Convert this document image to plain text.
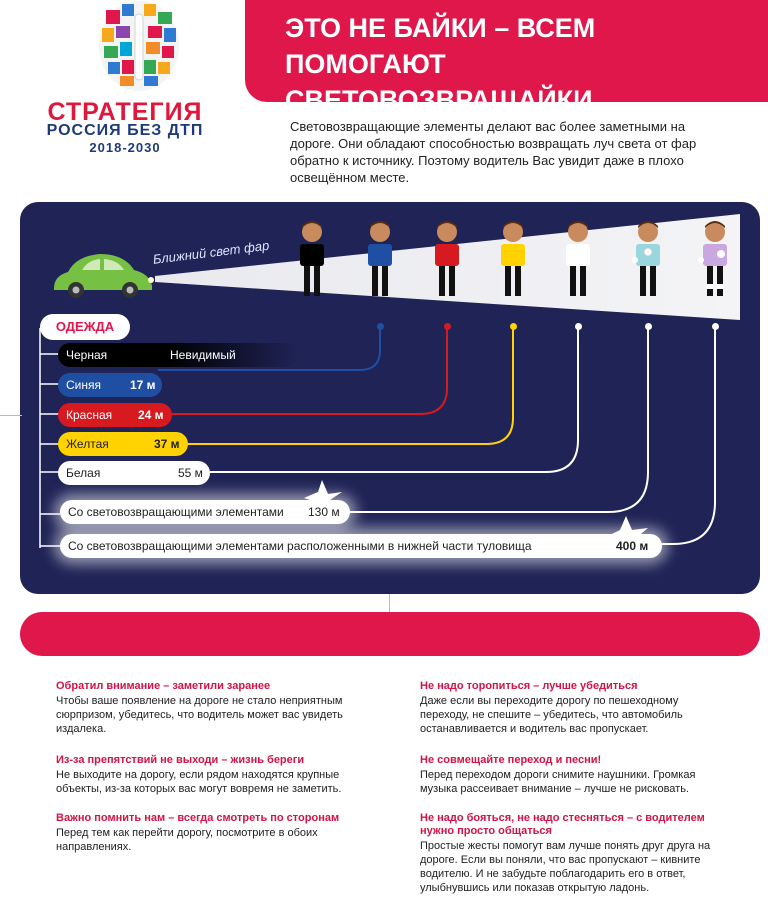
СТРАТЕГИЯ
РОССИЯ БЕЗ ДТП
2018-2030
ЭТО НЕ БАЙКИ – ВСЕМ ПОМОГАЮТ СВЕТОВОЗВРАЩАЙКИ
Световозвращающие элементы делают вас более заметными на дороге. Они обладают способностью возвращать луч света от фар обратно к источнику. Поэтому водитель Вас увидит даже в плохо освещённом месте.
Ближний свет фар
ОДЕЖДА
Черная	Невидимый
Синяя 17 м
Красная 24 м
Желтая	37 м
Белая	55 м
Со световозвращающими элементами 130 м
Со световозвращающими элементами расположенными в нижней части туловища	400 м
Обратил внимание – заметили заранее
Чтобы ваше появление на дороге не стало неприятным сюрпризом, убедитесь, что водитель может вас увидеть издалека.
Из-за препятствий не выходи – жизнь береги
Не выходите на дорогу, если рядом находятся крупные объекты, из-за которых вас могут вовремя не заметить.
Важно помнить нам – всегда смотреть по сторонам
Перед тем как перейти дорогу, посмотрите в обоих направлениях.
Не надо торопиться – лучше убедиться
Даже если вы переходите дорогу по пешеходному переходу, не спешите – убедитесь, что автомобиль останавливается и водитель вас пропускает.
Не совмещайте переход и песни!
Перед переходом дороги снимите наушники. Громкая музыка рассеивает внимание – лучше не рисковать.
Не надо бояться, не надо стесняться – с водителем нужно просто общаться
Простые жесты помогут вам лучше понять друг друга на дороге. Если вы поняли, что вас пропускают – кивните водителю. И не забудьте поблагодарить его в ответ, улыбнувшись или показав открытую ладонь.
